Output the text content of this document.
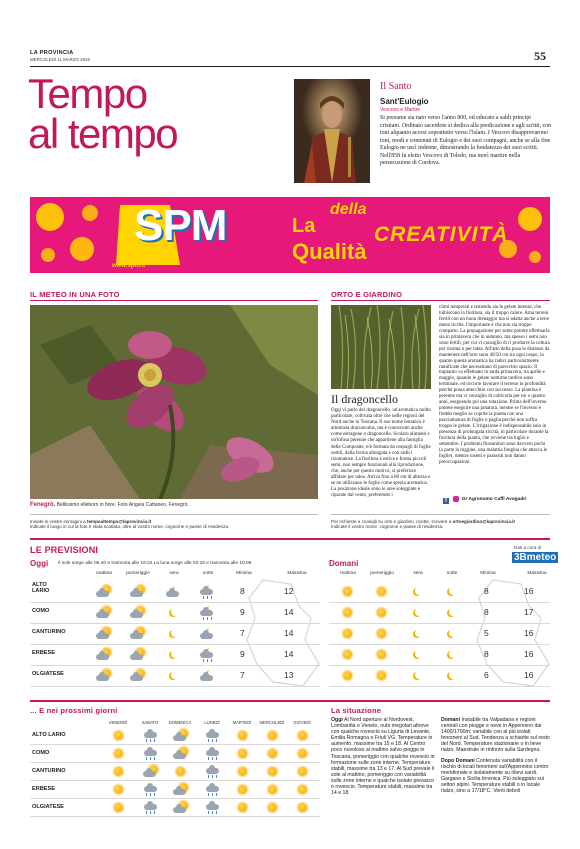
LA PROVINCIA
MERCOLEDÌ 11 MARZO 2026	55
Tempo
al tempo
Il Santo
Sant'Eulogio
Vescovo e Martire
Si presume sia nato verso l'anno 800, ed educato a saldi principi cristiani. Ordinato sacerdote si dedica alla predicazione e agli scritti, con toni alquanto accesi soprattutto verso l'Islam. I Vescovi disapprovarono toni, modi e contenuti di Eulogio e dei suoi compagni, anche se alla fine Eulogio ne uscì indenne, dimostrando la fondatezza dei suoi scritti. Nell'858 fu eletto Vescovo di Toledo, ma morì martire nella persecuzione di Cordova.
SPM	La
Qualità
della
CREATIVITÀ
www.spm.it
IL METEO IN UNA FOTO
Fenegrò. Bellissimo elleboro in fiore. Foto Angela Cattaneo, Fenegrò.
Inviate le vostre immagini a tempoaltempo@laprovincia.it
indicate il luogo in cui la foto è stata scattata, oltre al vostro nome, cognome e paese di residenza.
ORTO E GIARDINO
Il dragoncello
Oggi vi parlo del dragoncello, un'aromatica molto particolare, coltivata oltre che nelle regioni del Nord anche in Toscana. Il suo nome botanico è artemisia dracunculus, ma è conosciuto anche come estragone o dragoncello. Scolaro alimenti e un'infusa perenne che appartiene alla famiglia delle Composite, e/è formata da cespugli di foglie sottili, dalla forma allungata e con radici rizomatose. La fioritura è estiva e forma piccoli semi, non sempre funzionali alla riproduzione, che, anche per questo motivo, si preferisce affidare per talea. Arriva fino a 80 cm di altezza e se ne utilizzano le foglie come spezia aromatica. La posizione ideale sono le aree soleggiate e riparate dal vento, preferendo i
climi temperati e temendo sia le gelate intense, che inibiscono la fioritura, sia il troppo calore. Ama terreni fertili con un buon drenaggio ma si adatta anche a terre meno ricche. l'importante è che non sia troppo compatto. La propagazione per seme potrete effettuarla sia in primavera che in autunno, ma spesso i semi non sono fertili, per cui vi consiglio di ri produrre la coltura per rizoma o per talea. All'atto della posa le distanze da mantenere nell'orto sono 40/50 cm tra ogni cespo, in quanto questa aromatica ha radici particolarmente ramificate che necessitano di parecchio spazio. Il trapianto va effettuato in tarda primavera, tra aprile e maggio, quando le gelate notturne tardive sono terminate, ed occorre lavorare il terreno in profondità perché possa attecchire con successo. La piantina è perenne ma vi consiglio di coltivarla per tre o quattro anni, eseguendo poi una rotazione. Prima dell'inverno potrete eseguire una potatura, mentre se l'inverno è freddo meglio se coprite la pianta con una pacciamatura di foglie o paglia perché non soffra troppo le gelate. L'irrigazione è indispensabile solo in presenza di prolungata siccità, in particolare durante la fioritura della pianta, che avviene tra luglio e settembre. I problemi fitosanitari sono davvero pochi (a parte la ruggine, una malattia fungina che attacca le foglie), mentre insetti e parassiti non danno preoccupazioni.
f	Dr Agronomo Caffi Avogadri
Per richieste e consigli su orto e giardino, ricette, scrivere a ortoegiardino@laprovincia.it
Indicate il vostro nome, cognome e paese di residenza.
LE PREVISIONI	Dati a cura di
3Bmeteo
Oggi Il sole sorge alle 06:40 e tramonta alle 18:22 La luna sorge alle 02:19 e tramonta alle 10:08	Domani
mattina	pomeriggio	sera	notte	Minima	Massima	mattina	pomeriggio	sera	notte	Minima	Massima
ALTO LARIO	8	12
COMO	9	14
CANTURINO	7	14
ERBESE	9	14
OLGIATESE	7	13
8	16
8	17
5	16
8	16
6	16
... E nei prossimi giorni
VENERDÌ	SABATO	DOMENICA	LUNEDÌ	MARTEDÌ	MERCOLEDÌ	GIOVEDÌ
ALTO LARIO
COMO
CANTURINO
ERBESE
OLGIATESE
La situazione
Oggi Al Nord aperture al Nordovest, Lombardia e Veneto, nubi irregolari altrove con qualche rovescio su Liguria di Levante, Emilia Romagna e Friuli VG. Temperature in aumento, massime tra 15 e 18. Al Centro poco nuvoloso al mattino salvo piogge in Toscana, pomeriggio con qualche rovescio in formazione sulle zone interne. Temperature stabili, massime tra 13 e 17. Al Sud prevale il sole al mattino, pomeriggio con variabilità sulle zone interne e qualche isolato piovasco o rovescio. Temperature stabili, massime tra 14 e 18.
Domani Instabile tra Valpadana e regioni centrali con piogge e neve in Appennino dai 1400/1700m; variabile con al più isolati fenomeni al Sud. Tendenza a schiarite sul resto del Nord. Temperature stazionarie o in lieve rialzo. Maestrale in rinforzo sulla Sardegna.
Dopo Domani Contenuta variabilità con il rischio di locali fenomeni sull'Appennino centro meridionale e isolatamente su rilievi sardi. Gargano e Sicilia tirrenica. Più soleggiato sui settori alpini. Temperature stabili o in locale rialzo, sino a 17/18°C. Venti deboli
